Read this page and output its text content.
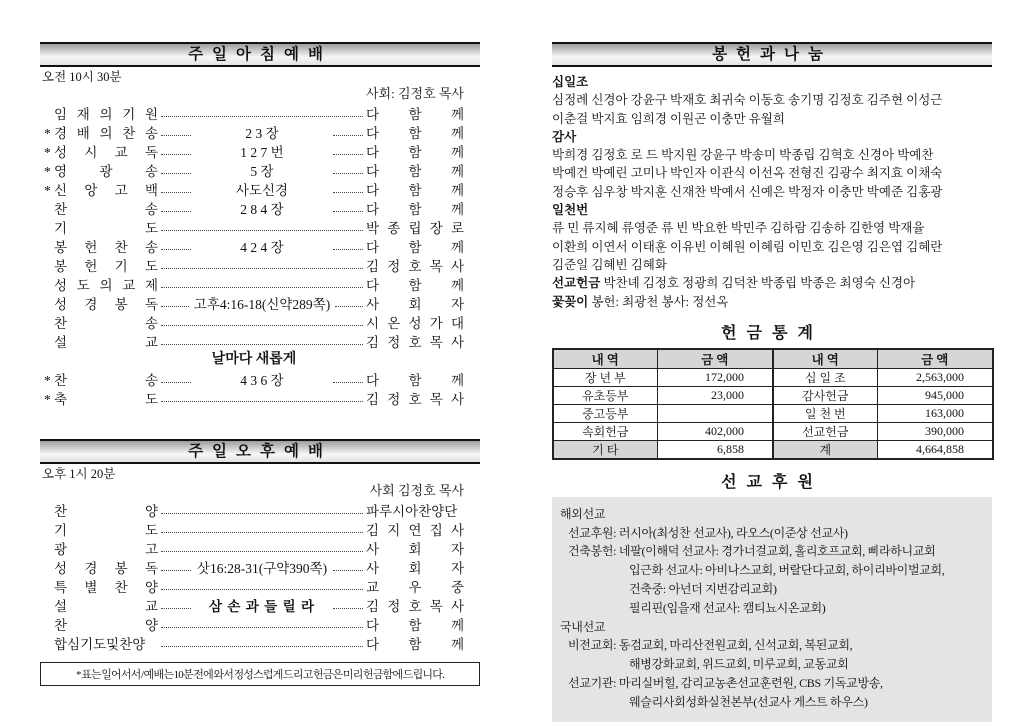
주일아침예배
오전 10시 30분
사회: 김정호 목사
임 재 의 기 원	다 함 께
* 경 배 의 찬 송	2 3 장	다 함 께
* 성 시 교 독	1 2 7 번	다 함 께
* 영 광 송	5 장	다 함 께
* 신 앙 고 백	사도신경	다 함 께
찬 송	2 8 4 장	다 함 께
기 도	박 종 립 장 로
봉 헌 찬 송	4 2 4 장	다 함 께
봉 헌 기 도	김 정 호 목 사
성 도 의 교 제	다 함 께
성 경 봉 독	고후4:16-18(신약289쪽)	사 회 자
찬 송	시 온 성 가 대
설 교	김 정 호 목 사
날마다 새롭게
* 찬 송	4 3 6 장	다 함 께
* 축 도	김 정 호 목 사
주일오후예배
오후 1시 20분
사회 김정호 목사
찬 양	파루시아찬양단
기 도	김 지 연 집 사
광 고	사 회 자
성 경 봉 독	삿16:28-31(구약390쪽)	사 회 자
특 별 찬 양	교 우 중
설 교	삼 손 과 들 릴 라	김 정 호 목 사
찬 양	다 함 께
합심기도및찬양	다 함 께
* 표는 일어서서 / 예배는 10분 전에 와서 정성스럽게 드리고 헌금은 미리 헌금함에 드립니다.
봉헌과나눔
십일조
심정례 신경아 강윤구 박재호 최귀숙 이동호 송기명 김정호 김주현 이성근
이춘걸 박지효 임희경 이원곤 이충만 유월희
감사
박희경 김정호 로 드 박지원 강윤구 박송미 박종립 김혁호 신경아 박예찬
박예건 박예린 고미나 박인자 이관식 이선옥 전형진 김광수 최지효 이채숙
정승후 심우창 박지훈 신재찬 박예서 신예은 박정자 이충만 박예준 김홍광
일천번
류 민 류지혜 류영준 류 빈 박요한 박민주 김하람 김송하 김한영 박재율
이환희 이연서 이태훈 이유빈 이혜원 이혜림 이민호 김은영 김은엽 김혜란
김준일 김혜빈 김혜화
선교헌금 박찬녜 김정호 정광희 김덕찬 박종립 박종은 최영숙 신경아
꽃꽂이 봉헌: 최광천 봉사: 정선옥
헌금통계
내 역	금 액	내 역	금 액
장 년 부	172,000	십 일 조	2,563,000
유초등부	23,000	감사헌금	945,000
중고등부		일 천 번	163,000
속회헌금	402,000	선교헌금	390,000
기 타	6,858	계	4,664,858
선교후원
해외선교
선교후원: 러시아(최성찬 선교사), 라오스(이준상 선교사)
건축봉헌: 네팔(이해덕 선교사: 경가너걸교회, 홀리호프교회, 삐라하니교회
입근화 선교사: 아비나스교회, 버랄단다교회, 하이리바이벌교회,
건축중: 아넌더 지번감리교회)
필리핀(임을재 선교사: 캠티뇨시온교회)
국내선교
비전교회: 동검교회, 마리산전원교회, 신석교회, 복된교회,
해병강화교회, 위드교회, 미루교회, 교동교회
선교기관: 마리실버힐, 감리교농촌선교훈련원, CBS 기독교방송,
웨슬리사회성화실천본부(선교사 게스트 하우스)
